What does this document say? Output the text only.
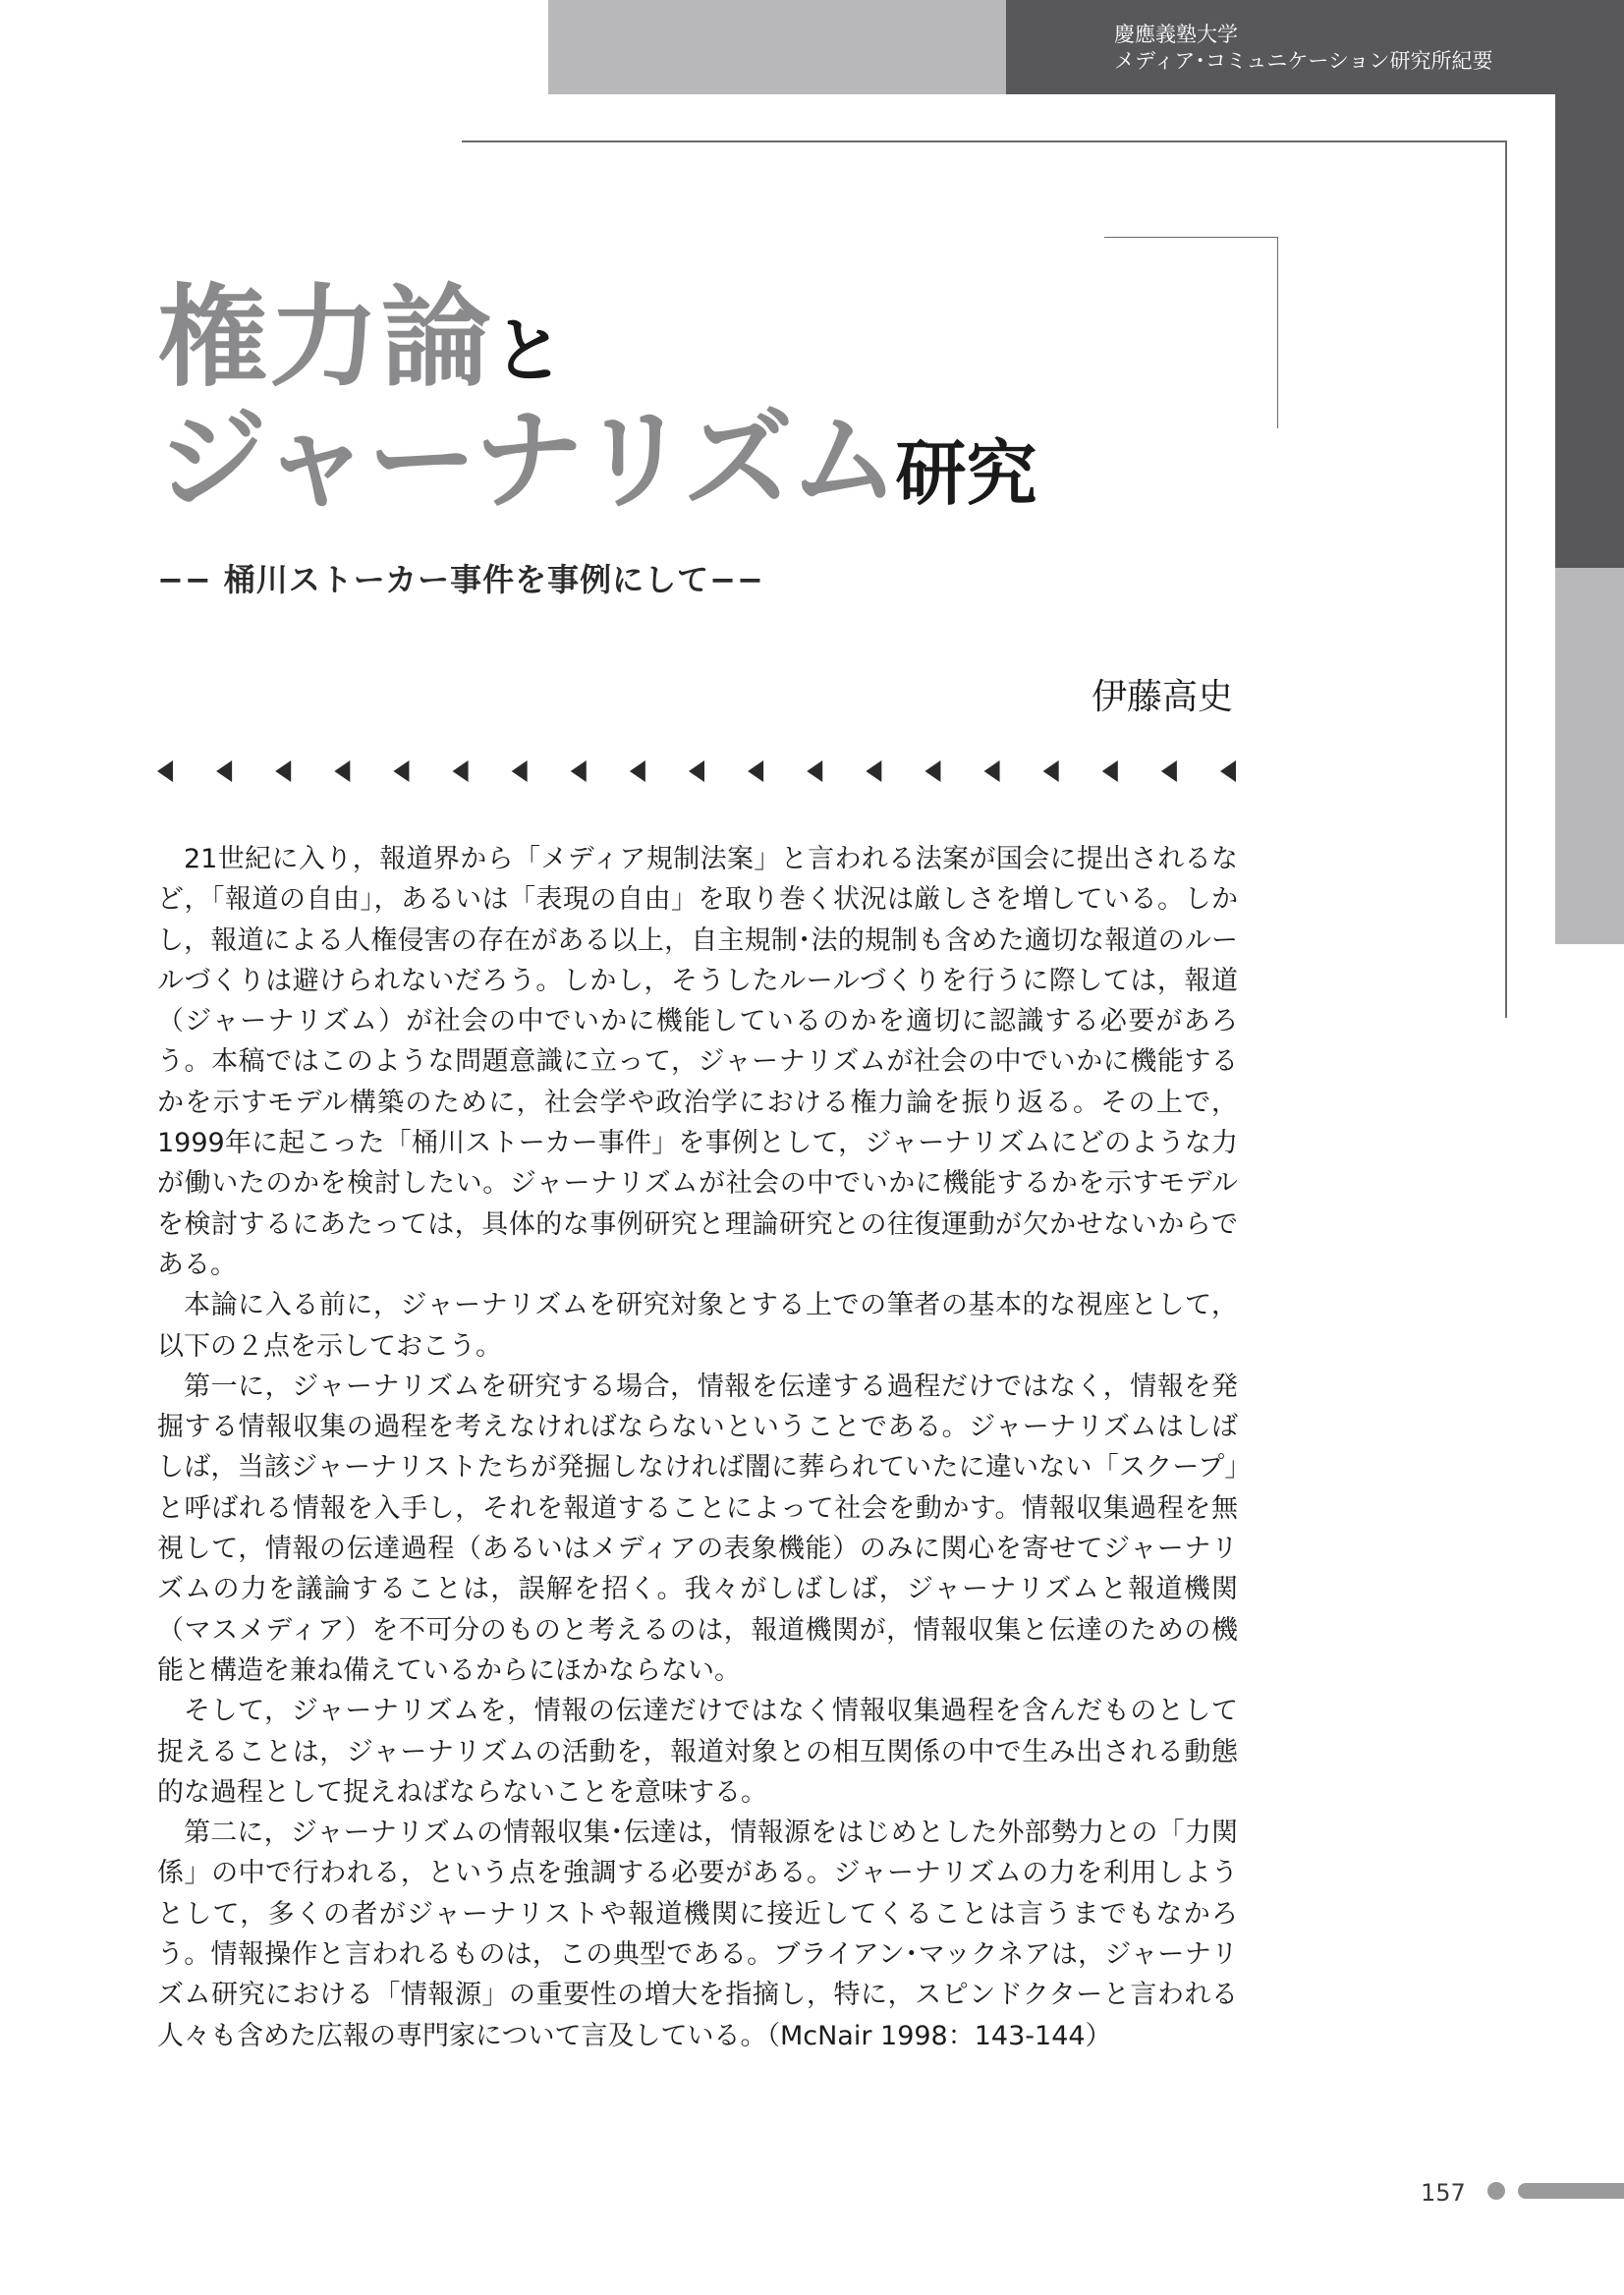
慶應義塾大学
メディア･コミュニケーション研究所紀要
権力論と
ジャーナリズム研究
−− 桶川ストーカー事件を事例にして−−
伊藤高史

21世紀に入り，報道界から「メディア規制法案」と言われる法案が国会に提出されるなど，「報道の自由」，あるいは「表現の自由」を取り巻く状況は厳しさを増している。しかし，報道による人権侵害の存在がある以上，自主規制･法的規制も含めた適切な報道のルールづくりは避けられないだろう。しかし，そうしたルールづくりを行うに際しては，報道（ジャーナリズム）が社会の中でいかに機能しているのかを適切に認識する必要があろう。本稿ではこのような問題意識に立って，ジャーナリズムが社会の中でいかに機能するかを示すモデル構築のために，社会学や政治学における権力論を振り返る。その上で，1999年に起こった「桶川ストーカー事件」を事例として，ジャーナリズムにどのような力が働いたのかを検討したい。ジャーナリズムが社会の中でいかに機能するかを示すモデルを検討するにあたっては，具体的な事例研究と理論研究との往復運動が欠かせないからである。

本論に入る前に，ジャーナリズムを研究対象とする上での筆者の基本的な視座として，以下の２点を示しておこう。

第一に，ジャーナリズムを研究する場合，情報を伝達する過程だけではなく，情報を発掘する情報収集の過程を考えなければならないということである。ジャーナリズムはしばしば，当該ジャーナリストたちが発掘しなければ闇に葬られていたに違いない「スクープ」と呼ばれる情報を入手し，それを報道することによって社会を動かす。情報収集過程を無視して，情報の伝達過程（あるいはメディアの表象機能）のみに関心を寄せてジャーナリズムの力を議論することは，誤解を招く。我々がしばしば，ジャーナリズムと報道機関（マスメディア）を不可分のものと考えるのは，報道機関が，情報収集と伝達のための機能と構造を兼ね備えているからにほかならない。

そして，ジャーナリズムを，情報の伝達だけではなく情報収集過程を含んだものとして捉えることは，ジャーナリズムの活動を，報道対象との相互関係の中で生み出される動態的な過程として捉えねばならないことを意味する。

第二に，ジャーナリズムの情報収集･伝達は，情報源をはじめとした外部勢力との「力関係」の中で行われる，という点を強調する必要がある。ジャーナリズムの力を利用しようとして，多くの者がジャーナリストや報道機関に接近してくることは言うまでもなかろう。情報操作と言われるものは，この典型である。ブライアン･マックネアは，ジャーナリズム研究における「情報源」の重要性の増大を指摘し，特に，スピンドクターと言われる人々も含めた広報の専門家について言及している。（McNair 1998：143-144）

157
